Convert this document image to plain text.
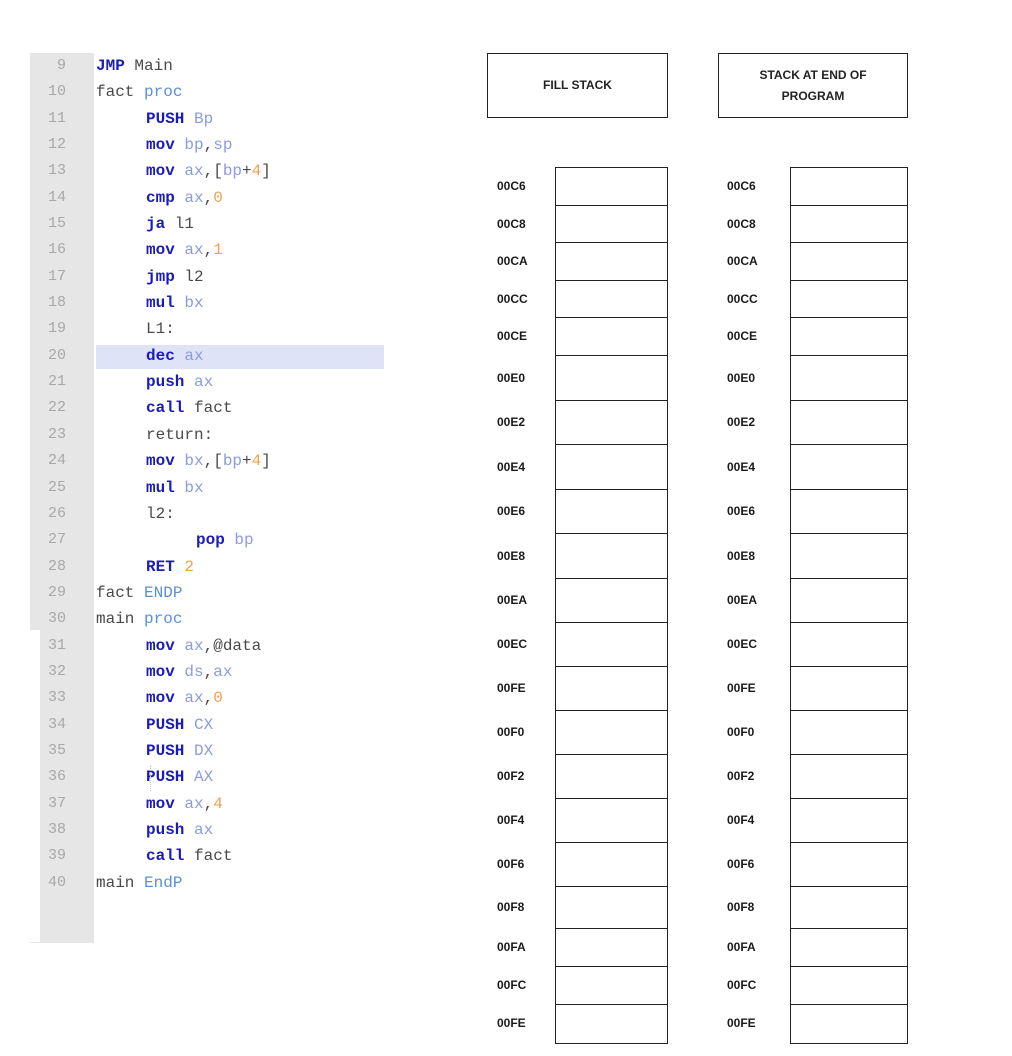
9 JMP Main
10 fact proc
11	PUSH Bp
12	mov bp,sp
13	mov ax,[bp+4]
14	cmp ax,0
15	ja l1
16	mov ax,1
17	jmp l2
18	mul bx
19	L1:
20	dec ax
21	push ax
22	call fact
23	return:
24	mov bx,[bp+4]
25	mul bx
26	l2:
27	pop bp
28	RET 2
29 fact ENDP
30 main proc
31	mov ax,@data
32	mov ds,ax
33	mov ax,0
34	PUSH CX
35	PUSH DX
36	PUSH AX
37	mov ax,4
38	push ax
39	call fact
40 main EndP
FILL STACK
STACK AT END OF PROGRAM
00C6
00C8
00CA
00CC
00CE
00E0
00E2
00E4
00E6
00E8
00EA
00EC
00FE
00F0
00F2
00F4
00F6
00F8
00FA
00FC
00FE
00C6
00C8
00CA
00CC
00CE
00E0
00E2
00E4
00E6
00E8
00EA
00EC
00FE
00F0
00F2
00F4
00F6
00F8
00FA
00FC
00FE
